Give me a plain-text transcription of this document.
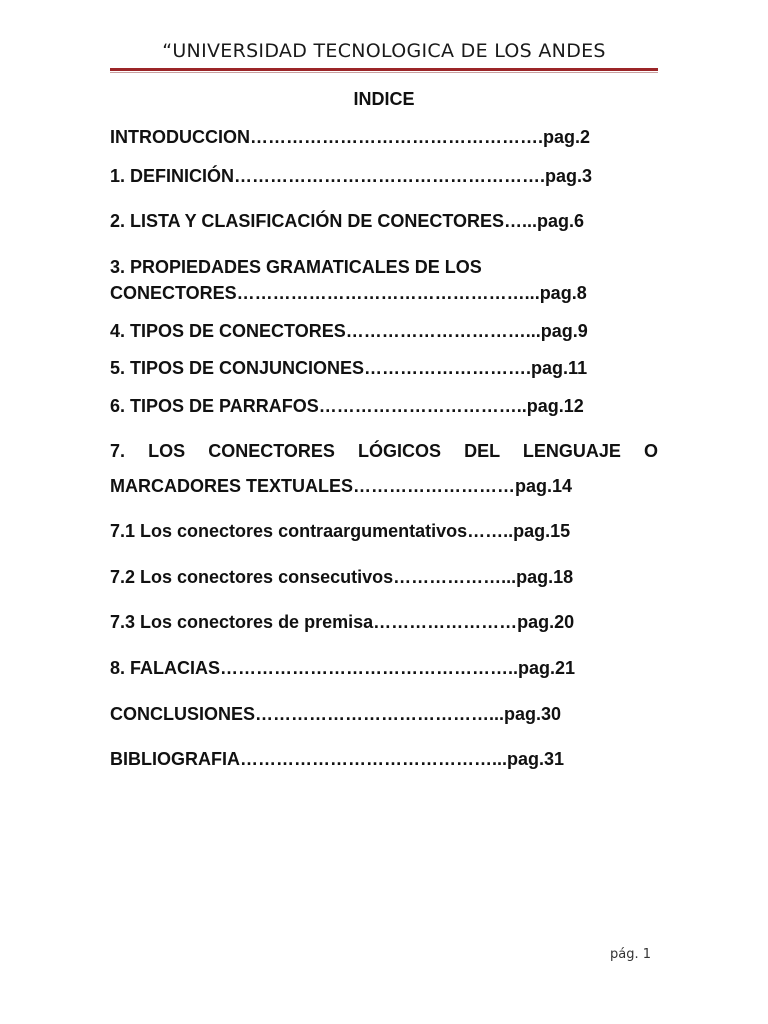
“UNIVERSIDAD TECNOLOGICA DE LOS ANDES
INDICE
INTRODUCCION………………………………………….pag.2
1. DEFINICIÓN…………………………………………….pag.3
2. LISTA Y CLASIFICACIÓN DE CONECTORES…...pag.6
3. PROPIEDADES GRAMATICALES DE LOS
CONECTORES…………………………………………...pag.8
4. TIPOS DE CONECTORES…………………………...pag.9
5. TIPOS DE CONJUNCIONES……………………….pag.11
6. TIPOS DE PARRAFOS……………………………..pag.12
7. LOS CONECTORES LÓGICOS DEL LENGUAJE O
MARCADORES TEXTUALES………………………pag.14
7.1 Los conectores contraargumentativos……..pag.15
7.2 Los conectores consecutivos………………...pag.18
7.3 Los conectores de premisa……………………pag.20
8. FALACIAS…………………………………………..pag.21
CONCLUSIONES…………………………………...pag.30
BIBLIOGRAFIA……………………………………...pag.31
pág. 1
